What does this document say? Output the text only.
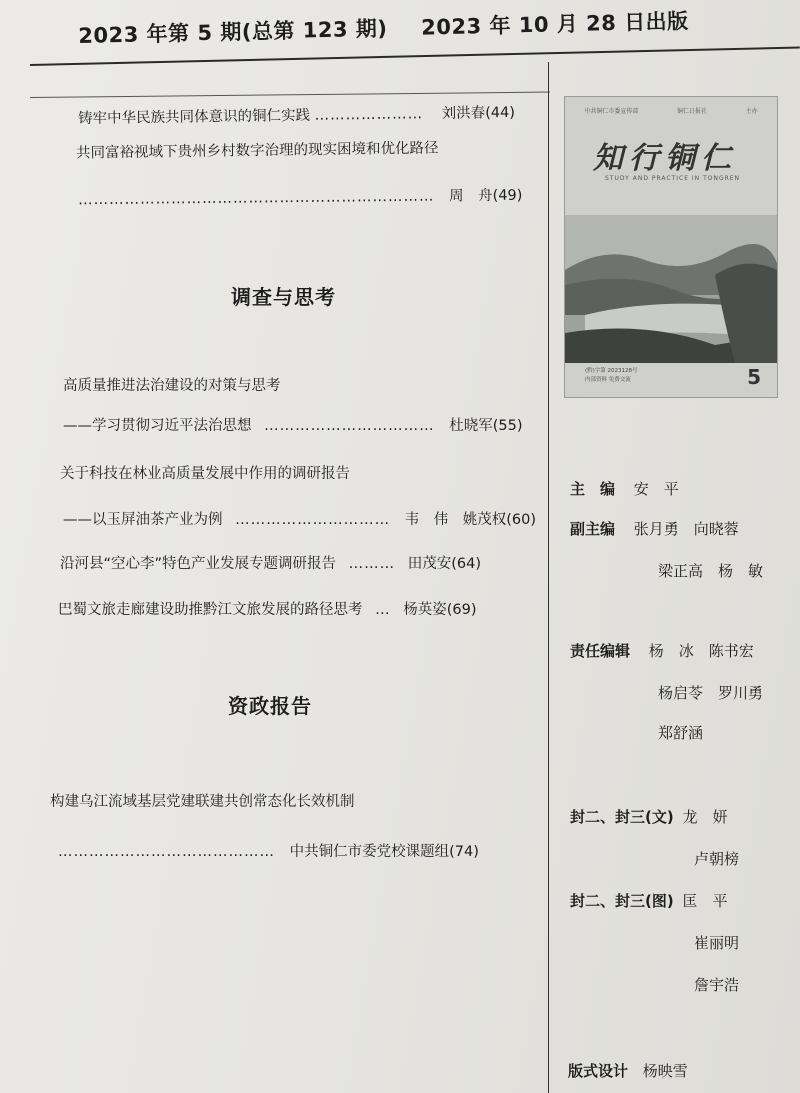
2023 年第 5 期(总第 123 期) 2023 年 10 月 28 日出版
铸牢中华民族共同体意识的铜仁实践 ………………… 刘洪春(44)
共同富裕视域下贵州乡村数字治理的现实困境和优化路径
…………………………………………………………… 周　舟(49)
调查与思考
高质量推进法治建设的对策与思考
——学习贯彻习近平法治思想 …………………………… 杜晓军(55)
关于科技在林业高质量发展中作用的调研报告
——以玉屏油茶产业为例 ………………………… 韦　伟　姚茂权(60)
沿河县“空心李”特色产业发展专题调研报告 ……… 田茂安(64)
巴蜀文旅走廊建设助推黔江文旅发展的路径思考 … 杨英姿(69)
资政报告
构建乌江流域基层党建联建共创常态化长效机制
…………………………………… 中共铜仁市委党校课题组(74)
中共铜仁市委宣传部	铜仁日报社	主办
知行铜仁
STUDY AND PRACTICE IN TONGREN
(黔)字第 2023128号
内部资料 免费交流	5
主　编 安　平
副主编 张月勇　向晓蓉
梁正高　杨　敏
责任编辑 杨　冰　陈书宏
杨启苓　罗川勇
郑舒涵
封二、封三(文) 龙　妍
卢朝榜
封二、封三(图) 匡　平
崔丽明
詹宇浩
版式设计 杨映雪
